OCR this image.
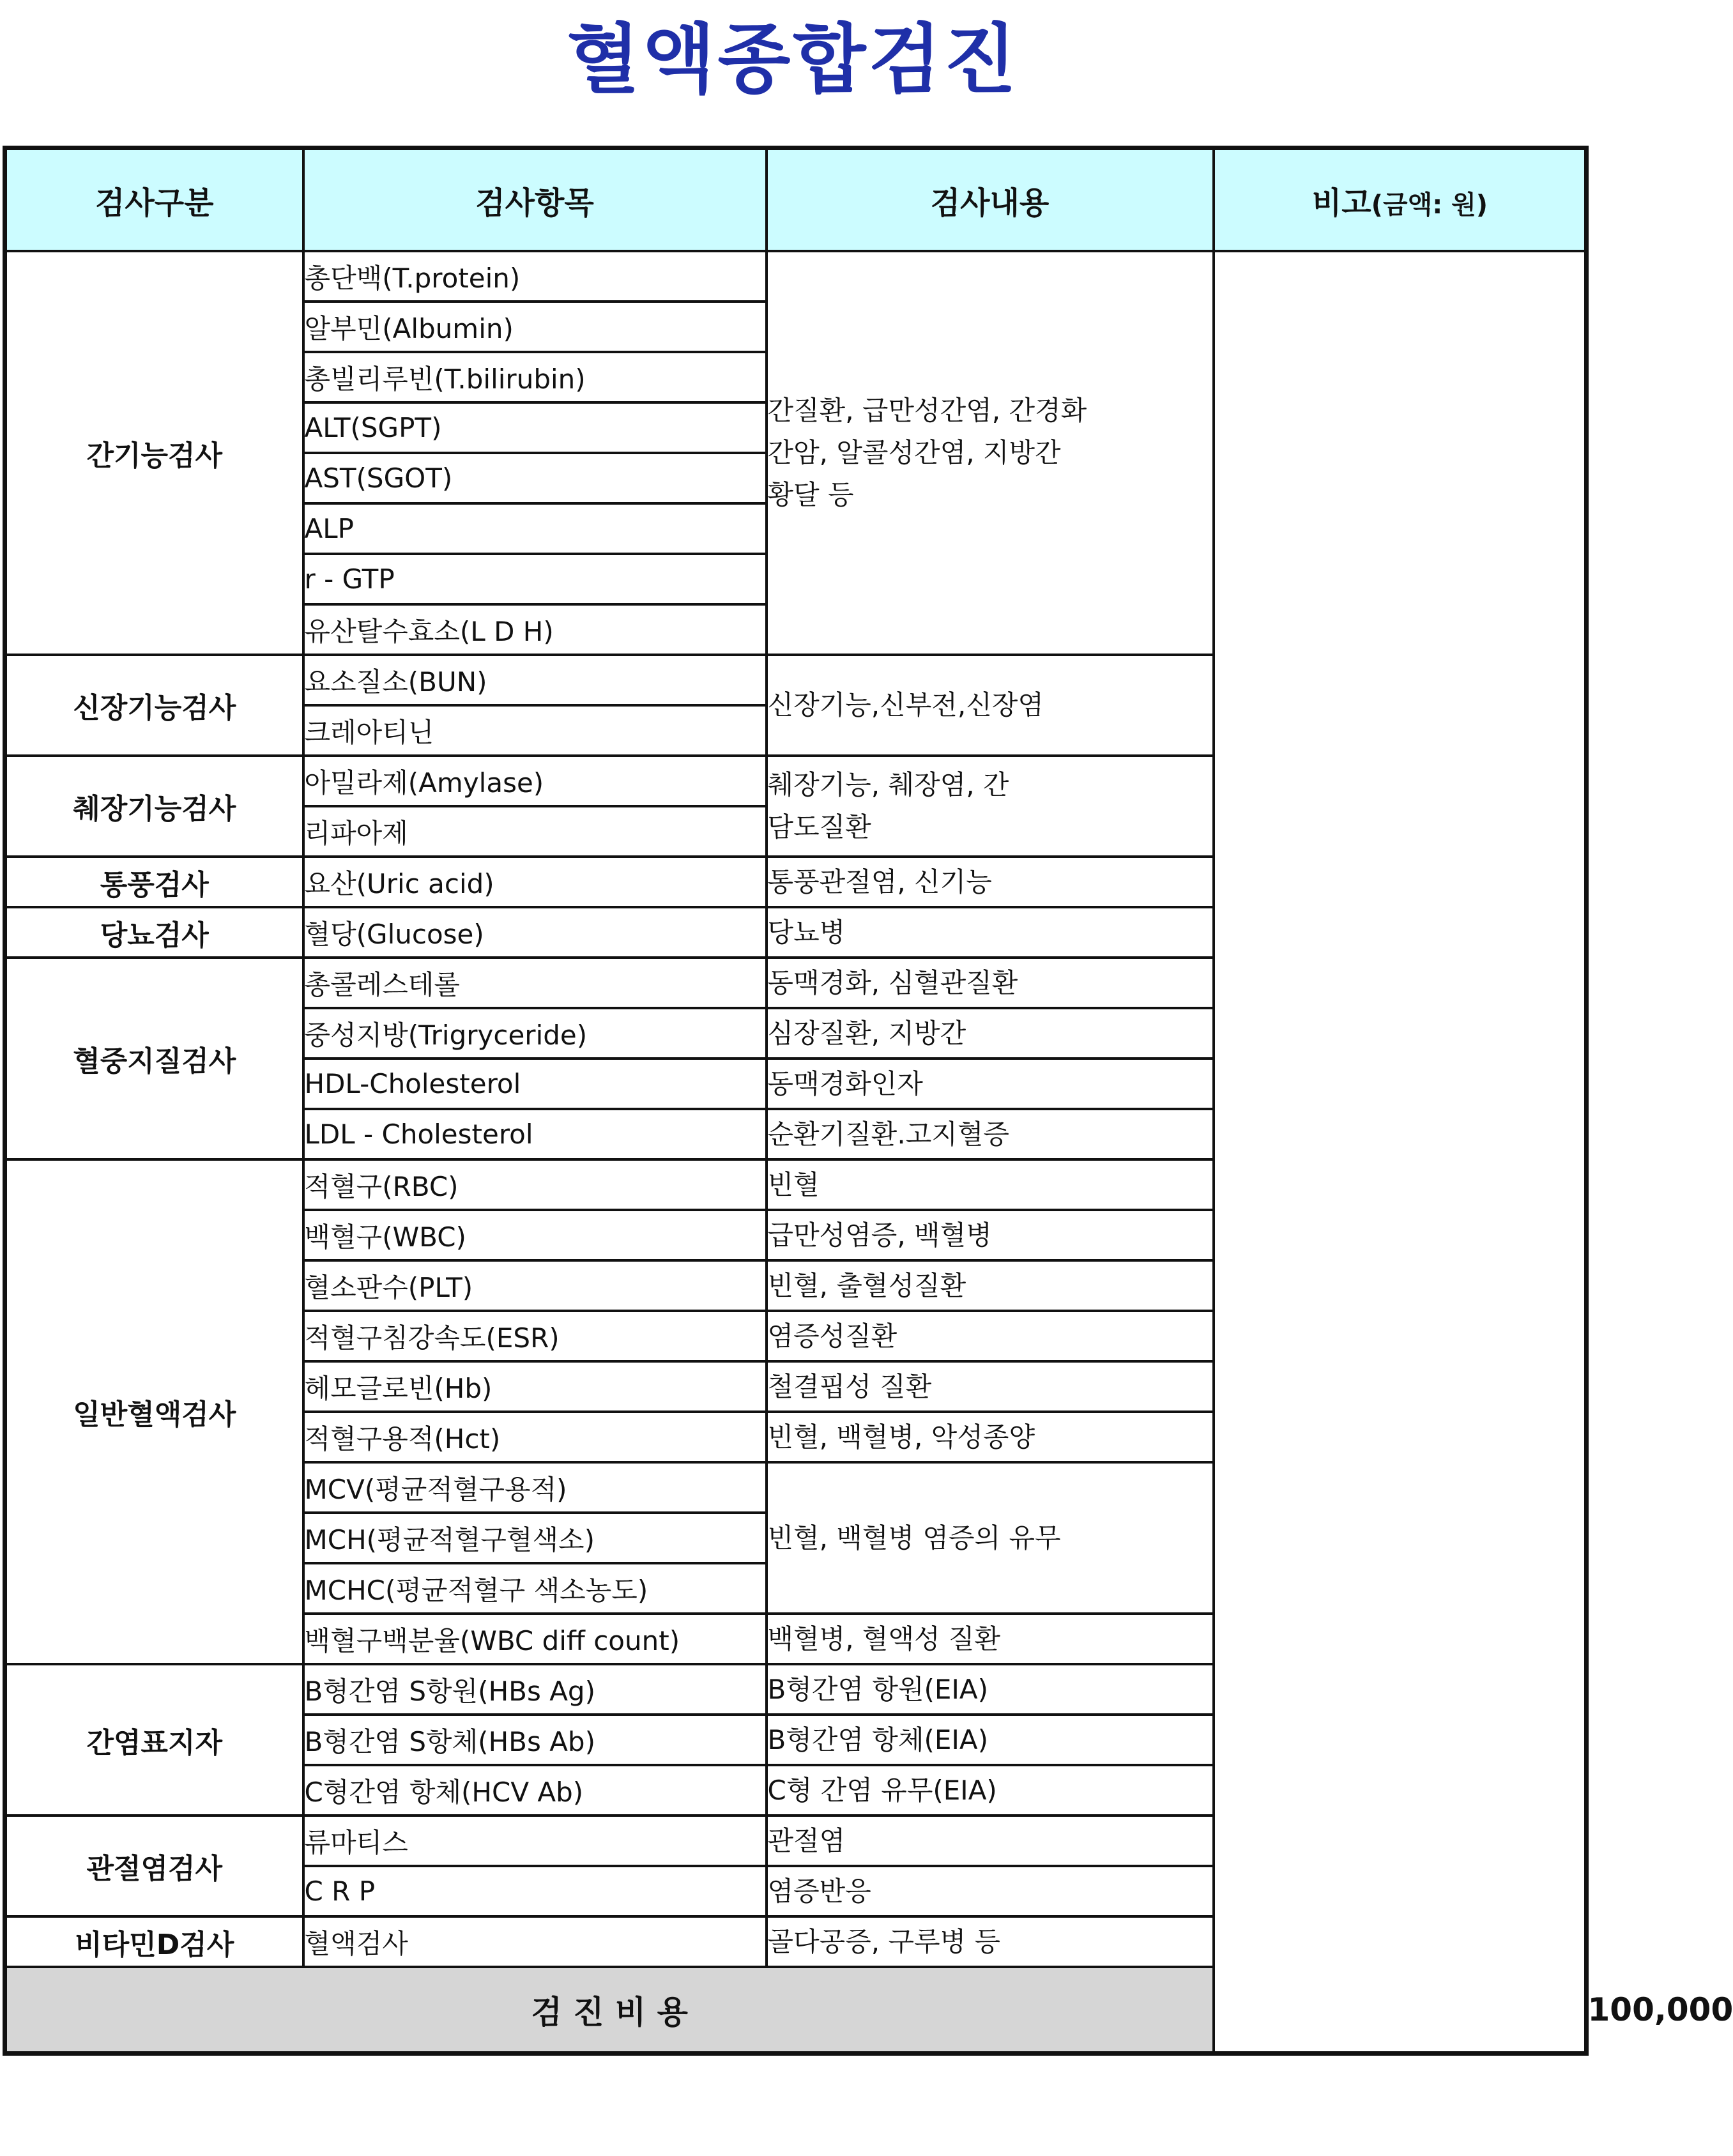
혈액종합검진
검사구분	검사항목	검사내용	비고(금액: 원)	
간기능검사	총단백(T.protein)	간질환, 급만성간염, 간경화
간암, 알콜성간염, 지방간
황달 등		

	알부민(Albumin)			
	총빌리루빈(T.bilirubin)			
	ALT(SGPT)			
	AST(SGOT)			
	ALP			
	r - GTP			
	유산탈수효소(L D H)			
신장기능검사	요소질소(BUN)	신장기능,신부전,신장염		
	크레아티닌			
췌장기능검사	아밀라제(Amylase)	췌장기능, 췌장염, 간
담도질환		

	리파아제			
통풍검사	요산(Uric acid)	통풍관절염, 신기능		
당뇨검사	혈당(Glucose)	당뇨병		
혈중지질검사	총콜레스테롤	동맥경화, 심혈관질환		
	중성지방(Trigryceride)	심장질환, 지방간		
	HDL-Cholesterol	동맥경화인자		
	LDL - Cholesterol	순환기질환.고지혈증		
일반혈액검사	적혈구(RBC)	빈혈		
	백혈구(WBC)	급만성염증, 백혈병		
	혈소판수(PLT)	빈혈, 출혈성질환		
	적혈구침강속도(ESR)	염증성질환		
	헤모글로빈(Hb)	철결핍성 질환		
	적혈구용적(Hct)	빈혈, 백혈병, 악성종양		
	MCV(평균적혈구용적)	빈혈, 백혈병 염증의 유무		
	MCH(평균적혈구혈색소)			
	MCHC(평균적혈구 색소농도)			
	백혈구백분율(WBC diff count)	백혈병, 혈액성 질환		
간염표지자	B형간염 S항원(HBs Ag)	B형간염 항원(EIA)		
	B형간염 S항체(HBs Ab)	B형간염 항체(EIA)		
	C형간염 항체(HCV Ab)	C형 간염 유무(EIA)		
관절염검사	류마티스	관절염		
	C R P	염증반응		
비타민D검사	혈액검사	골다공증, 구루병 등		
검 진 비 용				100,000
